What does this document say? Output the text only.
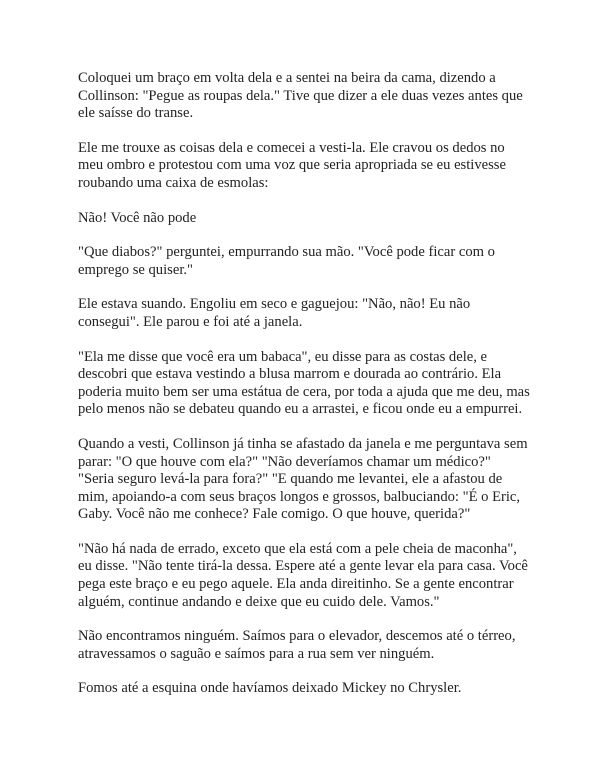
Coloquei um braço em volta dela e a sentei na beira da cama, dizendo a Collinson: "Pegue as roupas dela." Tive que dizer a ele duas vezes antes que ele saísse do transe.

Ele me trouxe as coisas dela e comecei a vesti-la. Ele cravou os dedos no meu ombro e protestou com uma voz que seria apropriada se eu estivesse roubando uma caixa de esmolas:

Não! Você não pode

"Que diabos?" perguntei, empurrando sua mão. "Você pode ficar com o emprego se quiser."

Ele estava suando. Engoliu em seco e gaguejou: "Não, não! Eu não consegui". Ele parou e foi até a janela.

"Ela me disse que você era um babaca", eu disse para as costas dele, e descobri que estava vestindo a blusa marrom e dourada ao contrário. Ela poderia muito bem ser uma estátua de cera, por toda a ajuda que me deu, mas pelo menos não se debateu quando eu a arrastei, e ficou onde eu a empurrei.

Quando a vesti, Collinson já tinha se afastado da janela e me perguntava sem parar: "O que houve com ela?" "Não deveríamos chamar um médico?" "Seria seguro levá-la para fora?" "E quando me levantei, ele a afastou de mim, apoiando-a com seus braços longos e grossos, balbuciando: "É o Eric, Gaby. Você não me conhece? Fale comigo. O que houve, querida?"

"Não há nada de errado, exceto que ela está com a pele cheia de maconha", eu disse. "Não tente tirá-la dessa. Espere até a gente levar ela para casa. Você pega este braço e eu pego aquele. Ela anda direitinho. Se a gente encontrar alguém, continue andando e deixe que eu cuido dele. Vamos."

Não encontramos ninguém. Saímos para o elevador, descemos até o térreo, atravessamos o saguão e saímos para a rua sem ver ninguém.

Fomos até a esquina onde havíamos deixado Mickey no Chrysler.
